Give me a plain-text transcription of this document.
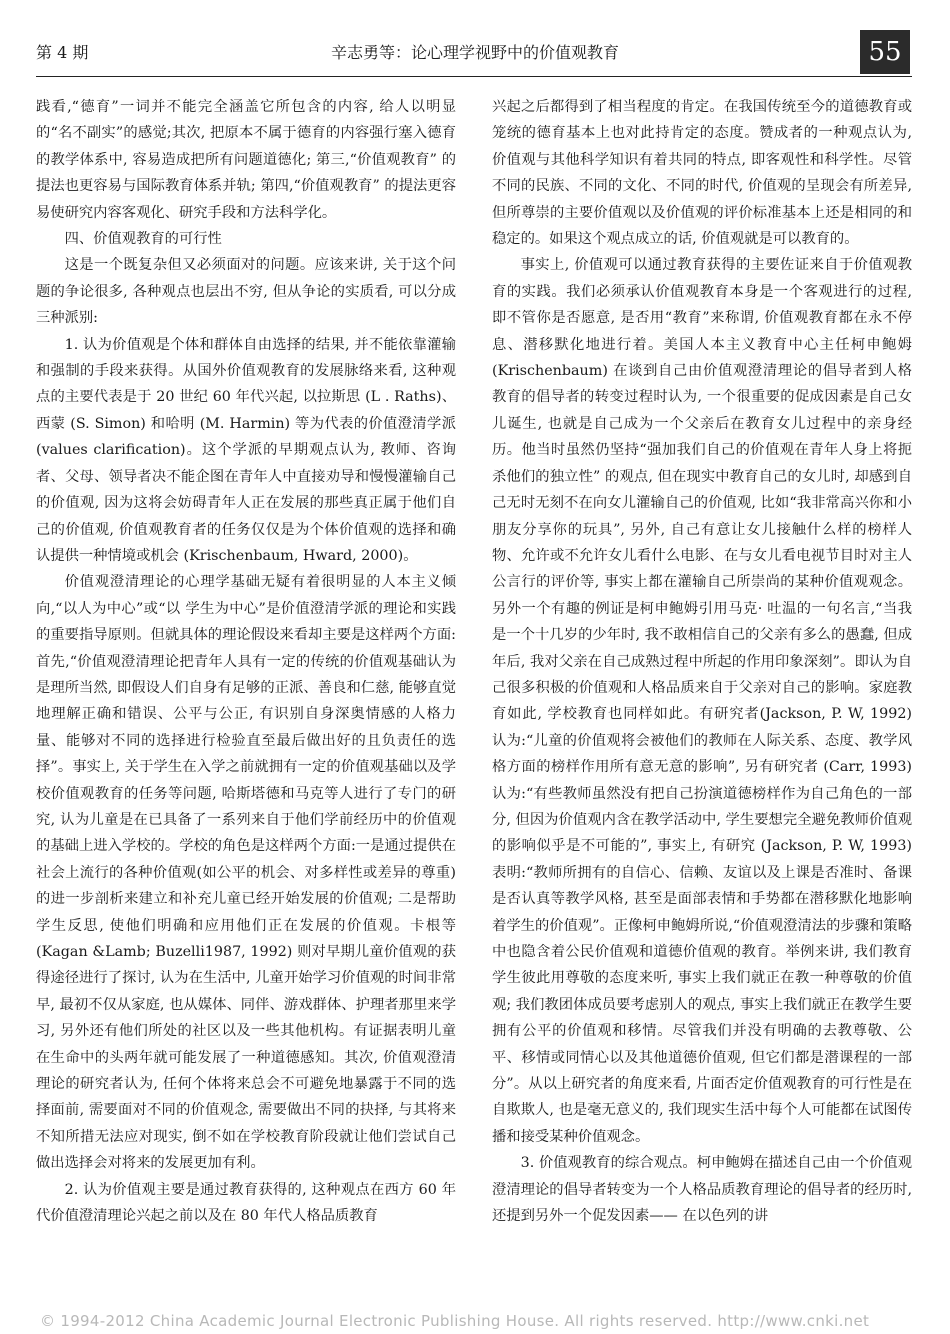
第 4 期	辛志勇等：论心理学视野中的价值观教育	55

践看,“德育”一词并不能完全涵盖它所包含的内容, 给人以明显的“名不副实”的感觉;其次, 把原本不属于德育的内容强行塞入德育的教学体系中, 容易造成把所有问题道德化; 第三,“价值观教育” 的提法也更容易与国际教育体系并轨; 第四,“价值观教育” 的提法更容易使研究内容客观化、研究手段和方法科学化。

四、价值观教育的可行性

这是一个既复杂但又必须面对的问题。应该来讲, 关于这个问题的争论很多, 各种观点也层出不穷, 但从争论的实质看, 可以分成三种派别:

1. 认为价值观是个体和群体自由选择的结果, 并不能依靠灌输和强制的手段来获得。从国外价值观教育的发展脉络来看, 这种观点的主要代表是于 20 世纪 60 年代兴起, 以拉斯思 (L . Raths)、西蒙 (S. Simon) 和哈明 (M. Harmin) 等为代表的价值澄清学派 (values clarification)。这个学派的早期观点认为, 教师、咨询者、父母、领导者决不能企图在青年人中直接劝导和慢慢灌输自己的价值观, 因为这将会妨碍青年人正在发展的那些真正属于他们自己的价值观, 价值观教育者的任务仅仅是为个体价值观的选择和确认提供一种情境或机会 (Krischenbaum, Hward, 2000)。

价值观澄清理论的心理学基础无疑有着很明显的人本主义倾向,“以人为中心”或“以 学生为中心”是价值澄清学派的理论和实践的重要指导原则。但就具体的理论假设来看却主要是这样两个方面: 首先,“价值观澄清理论把青年人具有一定的传统的价值观基础认为是理所当然, 即假设人们自身有足够的正派、善良和仁慈, 能够直觉地理解正确和错误、公平与公正, 有识别自身深奥情感的人格力量、能够对不同的选择进行检验直至最后做出好的且负责任的选择”。事实上, 关于学生在入学之前就拥有一定的价值观基础以及学校价值观教育的任务等问题, 哈斯塔德和马克等人进行了专门的研究, 认为儿童是在已具备了一系列来自于他们学前经历中的价值观的基础上进入学校的。学校的角色是这样两个方面:一是通过提供在社会上流行的各种价值观(如公平的机会、对多样性或差异的尊重) 的进一步剖析来建立和补充儿童已经开始发展的价值观; 二是帮助学生反思, 使他们明确和应用他们正在发展的价值观。卡根等 (Kagan &Lamb; Buzelli1987, 1992) 则对早期儿童价值观的获得途径进行了探讨, 认为在生活中, 儿童开始学习价值观的时间非常早, 最初不仅从家庭, 也从媒体、同伴、游戏群体、护理者那里来学习, 另外还有他们所处的社区以及一些其他机构。有证据表明儿童在生命中的头两年就可能发展了一种道德感知。其次, 价值观澄清理论的研究者认为, 任何个体将来总会不可避免地暴露于不同的选择面前, 需要面对不同的价值观念, 需要做出不同的抉择, 与其将来不知所措无法应对现实, 倒不如在学校教育阶段就让他们尝试自己做出选择会对将来的发展更加有利。

2. 认为价值观主要是通过教育获得的, 这种观点在西方 60 年代价值澄清理论兴起之前以及在 80 年代人格品质教育

兴起之后都得到了相当程度的肯定。在我国传统至今的道德教育或笼统的德育基本上也对此持肯定的态度。赞成者的一种观点认为, 价值观与其他科学知识有着共同的特点, 即客观性和科学性。尽管不同的民族、不同的文化、不同的时代, 价值观的呈现会有所差异, 但所尊崇的主要价值观以及价值观的评价标准基本上还是相同的和稳定的。如果这个观点成立的话, 价值观就是可以教育的。

事实上, 价值观可以通过教育获得的主要佐证来自于价值观教育的实践。我们必须承认价值观教育本身是一个客观进行的过程, 即不管你是否愿意, 是否用“教育”来称谓, 价值观教育都在永不停息、潜移默化地进行着。美国人本主义教育中心主任柯申鲍姆 (Krischenbaum) 在谈到自己由价值观澄清理论的倡导者到人格教育的倡导者的转变过程时认为, 一个很重要的促成因素是自己女儿诞生, 也就是自己成为一个父亲后在教育女儿过程中的亲身经历。他当时虽然仍坚持“强加我们自己的价值观在青年人身上将扼杀他们的独立性” 的观点, 但在现实中教育自己的女儿时, 却感到自己无时无刻不在向女儿灌输自己的价值观, 比如“我非常高兴你和小朋友分享你的玩具”, 另外, 自己有意让女儿接触什么样的榜样人物、允许或不允许女儿看什么电影、在与女儿看电视节目时对主人公言行的评价等, 事实上都在灌输自己所崇尚的某种价值观观念。另外一个有趣的例证是柯申鲍姆引用马克· 吐温的一句名言,“当我是一个十几岁的少年时, 我不敢相信自己的父亲有多么的愚蠢, 但成年后, 我对父亲在自己成熟过程中所起的作用印象深刻”。即认为自己很多积极的价值观和人格品质来自于父亲对自己的影响。家庭教育如此, 学校教育也同样如此。有研究者(Jackson, P. W, 1992) 认为:“儿童的价值观将会被他们的教师在人际关系、态度、教学风格方面的榜样作用所有意无意的影响”, 另有研究者 (Carr, 1993) 认为:“有些教师虽然没有把自己扮演道德榜样作为自己角色的一部分, 但因为价值观内含在教学活动中, 学生要想完全避免教师价值观的影响似乎是不可能的”, 事实上, 有研究 (Jackson, P. W, 1993) 表明:“教师所拥有的自信心、信赖、友谊以及上课是否准时、备课是否认真等教学风格, 甚至是面部表情和手势都在潜移默化地影响着学生的价值观”。正像柯申鲍姆所说,“价值观澄清法的步骤和策略中也隐含着公民价值观和道德价值观的教育。举例来讲, 我们教育学生彼此用尊敬的态度来听, 事实上我们就正在教一种尊敬的价值观; 我们教团体成员要考虑别人的观点, 事实上我们就正在教学生要拥有公平的价值观和移情。尽管我们并没有明确的去教尊敬、公平、移情或同情心以及其他道德价值观, 但它们都是潜课程的一部分”。从以上研究者的角度来看, 片面否定价值观教育的可行性是在自欺欺人, 也是毫无意义的, 我们现实生活中每个人可能都在试图传播和接受某种价值观念。

3. 价值观教育的综合观点。柯申鲍姆在描述自己由一个价值观澄清理论的倡导者转变为一个人格品质教育理论的倡导者的经历时, 还提到另外一个促发因素—— 在以色列的讲

© 1994-2012 China Academic Journal Electronic Publishing House. All rights reserved. http://www.cnki.net
